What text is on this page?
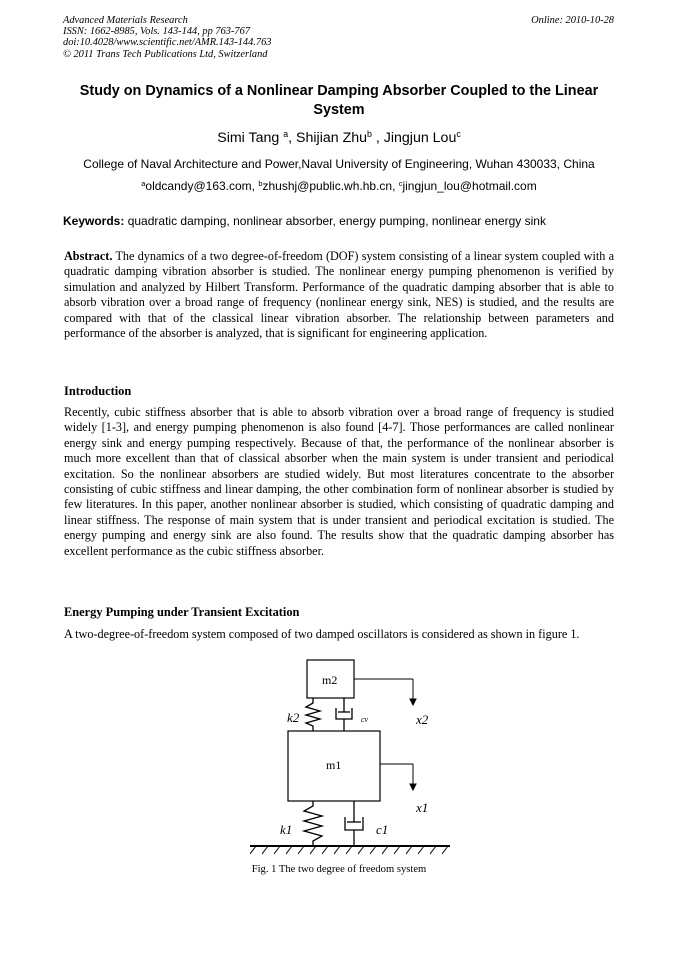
Advanced Materials Research
ISSN: 1662-8985, Vols. 143-144, pp 763-767
doi:10.4028/www.scientific.net/AMR.143-144.763
© 2011 Trans Tech Publications Ltd, Switzerland
Online: 2010-10-28
Study on Dynamics of a Nonlinear Damping Absorber Coupled to the Linear System
Simi Tang $^a$, Shijian Zhu$^b$ , Jingjun Lou$^c$
College of Naval Architecture and Power,Naval University of Engineering, Wuhan 430033, China
$^a$oldcandy@163.com, $^b$zhushj@public.wh.hb.cn, $^c$jingjun_lou@hotmail.com
Keywords: quadratic damping, nonlinear absorber, energy pumping, nonlinear energy sink
Abstract. The dynamics of a two degree-of-freedom (DOF) system consisting of a linear system coupled with a quadratic damping vibration absorber is studied. The nonlinear energy pumping phenomenon is verified by simulation and analyzed by Hilbert Transform. Performance of the quadratic damping absorber that is able to absorb vibration over a broad range of frequency (nonlinear energy sink, NES) is studied, and the results are compared with that of the classical linear vibration absorber. The relationship between parameters and performance of the absorber is analyzed, that is significant for engineering application.
Introduction
Recently, cubic stiffness absorber that is able to absorb vibration over a broad range of frequency is studied widely [1-3], and energy pumping phenomenon is also found [4-7]. Those performances are called nonlinear energy sink and energy pumping respectively. Because of that, the performance of the nonlinear absorber is much more excellent than that of classical absorber when the main system is under transient and periodical excitation. So the nonlinear absorbers are studied widely. But most literatures concentrate to the absorber consisting of cubic stiffness and linear damping, the other combination form of nonlinear absorber is studied by few literatures. In this paper, another nonlinear absorber is studied, which consisting of quadratic damping and linear stiffness. The response of main system that is under transient and periodical excitation is studied. The energy pumping and energy sink are also found. The results show that the quadratic damping absorber has excellent performance as the cubic stiffness absorber.
Energy Pumping under Transient Excitation
A two-degree-of-freedom system composed of two damped oscillators is considered as shown in figure 1.
m2
m1
k2	cv	x2
x1
k1	c1
Fig. 1 The two degree of freedom system
